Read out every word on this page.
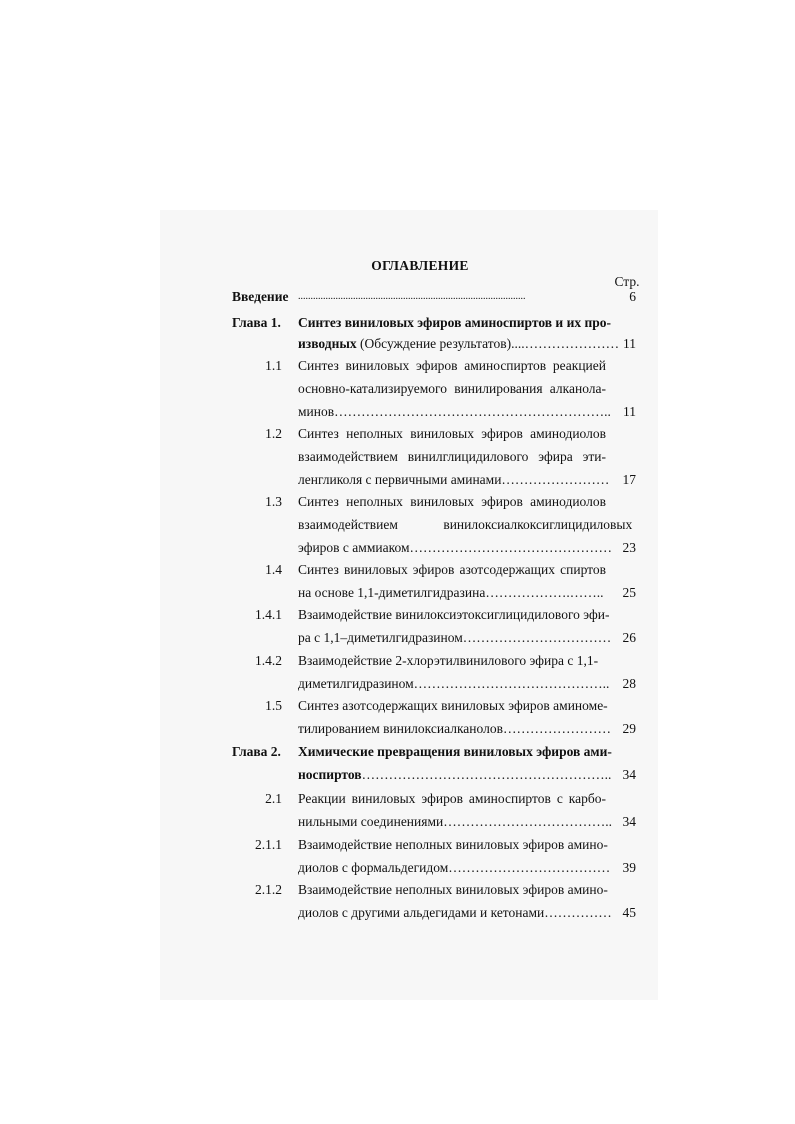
ОГЛАВЛЕНИЕ
Стр.
Введение ...........................................................................................	6
Глава 1. Синтез виниловых эфиров аминоспиртов и их про-
изводных (Обсуждение результатов)....………………… 11
1.1 Синтез виниловых эфиров аминоспиртов реакцией
основно-катализируемого винилирования алканола-
минов…………………………………………………….. 11
1.2 Синтез неполных виниловых эфиров аминодиолов
взаимодействием винилглицидилового эфира эти-
ленгликоля с первичными аминами…………………… 17
1.3 Синтез неполных виниловых эфиров аминодиолов
взаимодействием винилоксиалкоксиглицидиловых
эфиров с аммиаком……………………………………… 23
1.4 Синтез виниловых эфиров азотсодержащих спиртов
на основе 1,1-диметилгидразина……………….……..	25
1.4.1 Взаимодействие винилоксиэтоксиглицидилового эфи-
ра с 1,1–диметилгидразином…………………………… 26
1.4.2 Взаимодействие 2-хлорэтилвинилового эфира с 1,1-
диметилгидразином…………………………………….. 28
1.5 Синтез азотсодержащих виниловых эфиров аминоме-
тилированием винилоксиалканолов…………………… 29
Глава 2. Химические превращения виниловых эфиров ами-
носпиртов……………………………………………….. 34
2.1 Реакции виниловых эфиров аминоспиртов с карбо-
нильными соединениями……………………………….. 34
2.1.1 Взаимодействие неполных виниловых эфиров амино-
диолов с формальдегидом……………………………… 39
2.1.2 Взаимодействие неполных виниловых эфиров амино-
диолов с другими альдегидами и кетонами…………… 45
